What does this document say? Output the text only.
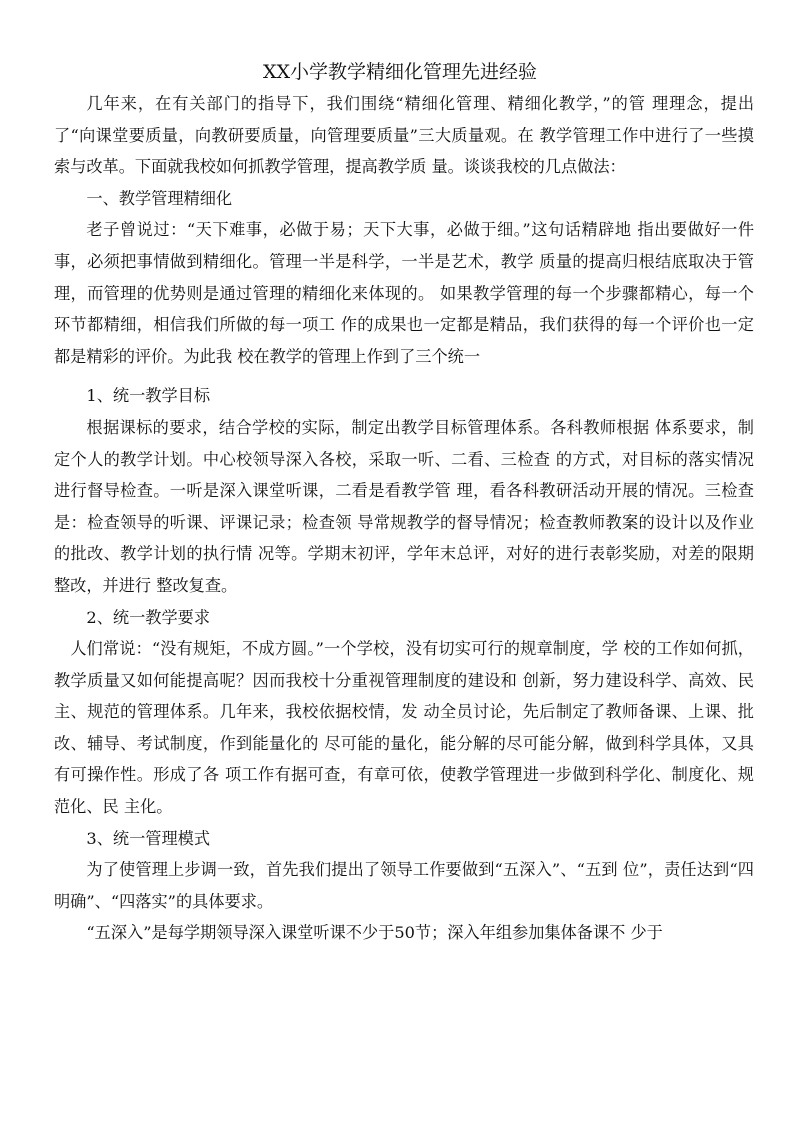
XX小学教学精细化管理先进经验

几年来，在有关部门的指导下，我们围绕“精细化管理、精细化教学，”的管 理理念，提出了“向课堂要质量，向教研要质量，向管理要质量”三大质量观。在 教学管理工作中进行了一些摸索与改革。下面就我校如何抓教学管理，提高教学质 量。谈谈我校的几点做法：

一、教学管理精细化

老子曾说过：“天下难事，必做于易；天下大事，必做于细。”这句话精辟地 指出要做好一件事，必须把事情做到精细化。管理一半是科学，一半是艺术，教学 质量的提高归根结底取决于管理，而管理的优势则是通过管理的精细化来体现的。 如果教学管理的每一个步骤都精心，每一个环节都精细，相信我们所做的每一项工 作的成果也一定都是精品，我们获得的每一个评价也一定都是精彩的评价。为此我 校在教学的管理上作到了三个统一

1、统一教学目标

根据课标的要求，结合学校的实际，制定出教学目标管理体系。各科教师根据 体系要求，制定个人的教学计划。中心校领导深入各校，采取一听、二看、三检查 的方式，对目标的落实情况进行督导检查。一听是深入课堂听课，二看是看教学管 理，看各科教研活动开展的情况。三检查是：检查领导的听课、评课记录；检查领 导常规教学的督导情况；检查教师教案的设计以及作业的批改、教学计划的执行情 况等。学期末初评，学年末总评，对好的进行表彰奖励，对差的限期整改，并进行 整改复查。

2、统一教学要求

人们常说：“没有规矩，不成方圆。”一个学校，没有切实可行的规章制度，学 校的工作如何抓，教学质量又如何能提高呢？因而我校十分重视管理制度的建设和 创新，努力建设科学、高效、民主、规范的管理体系。几年来，我校依据校情，发 动全员讨论，先后制定了教师备课、上课、批改、辅导、考试制度，作到能量化的 尽可能的量化，能分解的尽可能分解，做到科学具体，又具有可操作性。形成了各 项工作有据可查，有章可依，使教学管理进一步做到科学化、制度化、规范化、民 主化。

3、统一管理模式

为了使管理上步调一致，首先我们提出了领导工作要做到“五深入”、“五到 位”，责任达到“四明确”、“四落实”的具体要求。

“五深入”是每学期领导深入课堂听课不少于50节；深入年组参加集体备课不 少于
